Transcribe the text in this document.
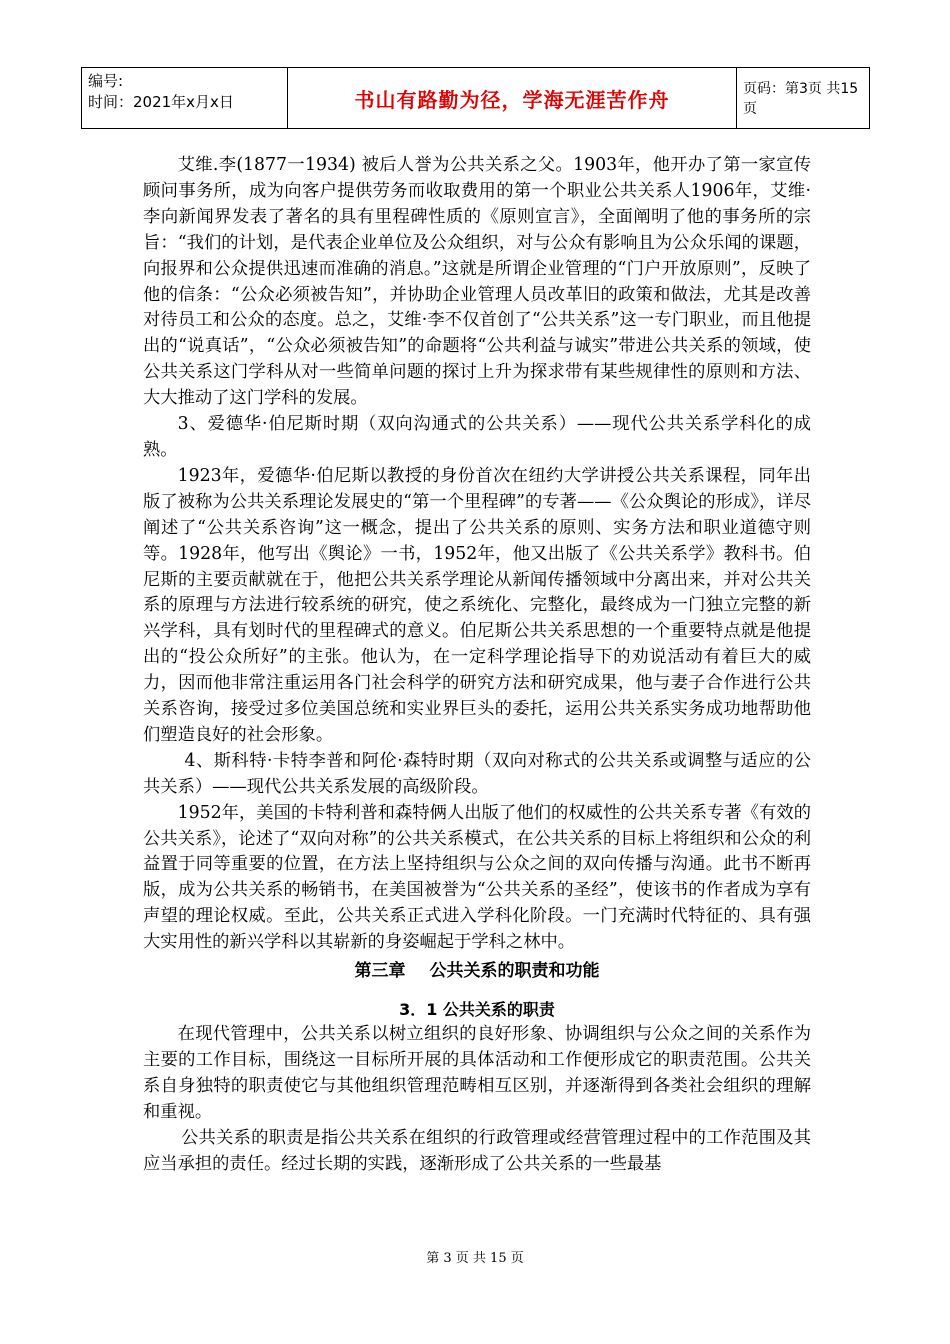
编号:
时间：2021年x月x日	书山有路勤为径，学海无涯苦作舟	页码：第3页 共15页

艾维.李(1877一1934) 被后人誉为公共关系之父。1903年，他开办了第一家宣传顾问事务所，成为向客户提供劳务而收取费用的第一个职业公共关系人1906年，艾维·李向新闻界发表了著名的具有里程碑性质的《原则宣言》，全面阐明了他的事务所的宗旨：“我们的计划，是代表企业单位及公众组织，对与公众有影响且为公众乐闻的课题，向报界和公众提供迅速而准确的消息。”这就是所谓企业管理的“门户开放原则”，反映了他的信条：“公众必须被告知”，并协助企业管理人员改革旧的政策和做法，尤其是改善对待员工和公众的态度。总之，艾维·李不仅首创了“公共关系”这一专门职业，而且他提出的“说真话”，“公众必须被告知”的命题将“公共利益与诚实”带进公共关系的领域，使公共关系这门学科从对一些简单问题的探讨上升为探求带有某些规律性的原则和方法、大大推动了这门学科的发展。

3、爱德华·伯尼斯时期（双向沟通式的公共关系）——现代公共关系学科化的成熟。

1923年，爱德华·伯尼斯以教授的身份首次在纽约大学讲授公共关系课程，同年出版了被称为公共关系理论发展史的“第一个里程碑”的专著——《公众舆论的形成》，详尽阐述了“公共关系咨询”这一概念，提出了公共关系的原则、实务方法和职业道德守则等。1928年，他写出《舆论》一书，1952年，他又出版了《公共关系学》教科书。伯尼斯的主要贡献就在于，他把公共关系学理论从新闻传播领域中分离出来，并对公共关系的原理与方法进行较系统的研究，使之系统化、完整化，最终成为一门独立完整的新兴学科，具有划时代的里程碑式的意义。伯尼斯公共关系思想的一个重要特点就是他提出的“投公众所好”的主张。他认为，在一定科学理论指导下的劝说活动有着巨大的威力，因而他非常注重运用各门社会科学的研究方法和研究成果，他与妻子合作进行公共关系咨询，接受过多位美国总统和实业界巨头的委托，运用公共关系实务成功地帮助他们塑造良好的社会形象。

4、斯科特·卡特李普和阿伦·森特时期（双向对称式的公共关系或调整与适应的公共关系）——现代公共关系发展的高级阶段。

1952年，美国的卡特利普和森特俩人出版了他们的权威性的公共关系专著《有效的公共关系》，论述了“双向对称”的公共关系模式，在公共关系的目标上将组织和公众的利益置于同等重要的位置，在方法上坚持组织与公众之间的双向传播与沟通。此书不断再版，成为公共关系的畅销书，在美国被誉为“公共关系的圣经”，使该书的作者成为享有声望的理论权威。至此，公共关系正式进入学科化阶段。一门充满时代特征的、具有强大实用性的新兴学科以其崭新的身姿崛起于学科之林中。

第三章 公共关系的职责和功能
3．1 公共关系的职责

在现代管理中，公共关系以树立组织的良好形象、协调组织与公众之间的关系作为主要的工作目标，围绕这一目标所开展的具体活动和工作便形成它的职责范围。公共关系自身独特的职责使它与其他组织管理范畴相互区别，并逐渐得到各类社会组织的理解和重视。

公共关系的职责是指公共关系在组织的行政管理或经营管理过程中的工作范围及其应当承担的责任。经过长期的实践，逐渐形成了公共关系的一些最基

第 3 页 共 15 页
